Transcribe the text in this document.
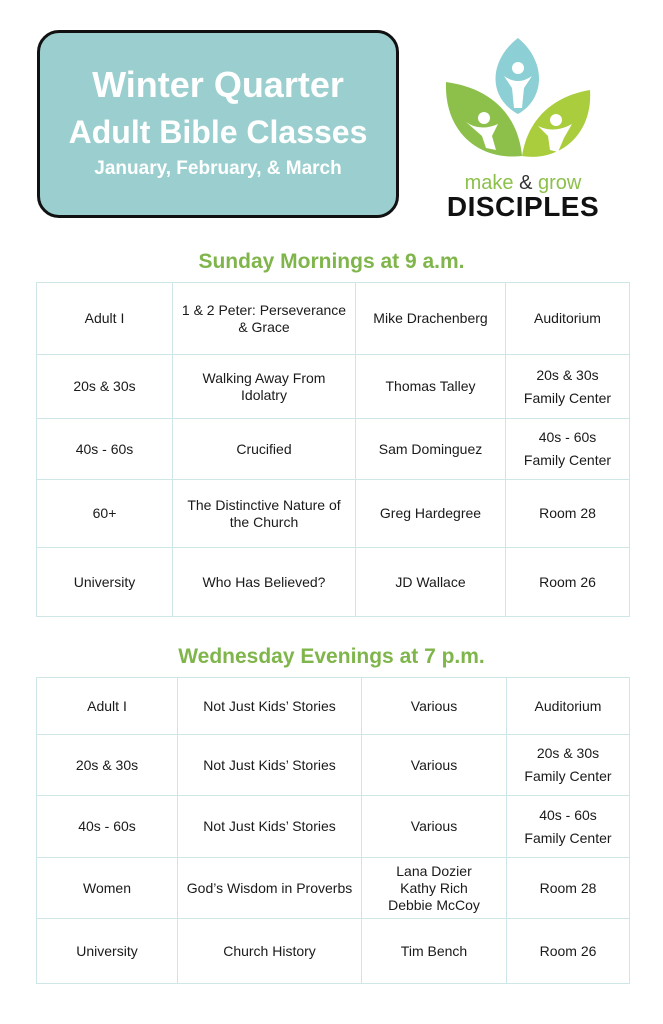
Winter Quarter
Adult Bible Classes
January, February, & March
make & grow
DISCIPLES
Sunday Mornings at 9 a.m.
Adult I	1 & 2 Peter: Perseverance & Grace	Mike Drachenberg	Auditorium

20s & 30s	Walking Away From Idolatry	Thomas Talley	20s & 30s
Family Center

40s - 60s	Crucified	Sam Dominguez	40s - 60s
Family Center

60+	The Distinctive Nature of the Church	Greg Hardegree	Room 28

University	Who Has Believed?	JD Wallace	Room 26
Wednesday Evenings at 7 p.m.
Adult I	Not Just Kids’ Stories	Various	Auditorium

20s & 30s	Not Just Kids’ Stories	Various	20s & 30s
Family Center

40s - 60s	Not Just Kids’ Stories	Various	40s - 60s
Family Center

Women	God’s Wisdom in Proverbs	Lana Dozier
Kathy Rich
Debbie McCoy	Room 28

University	Church History	Tim Bench	Room 26
